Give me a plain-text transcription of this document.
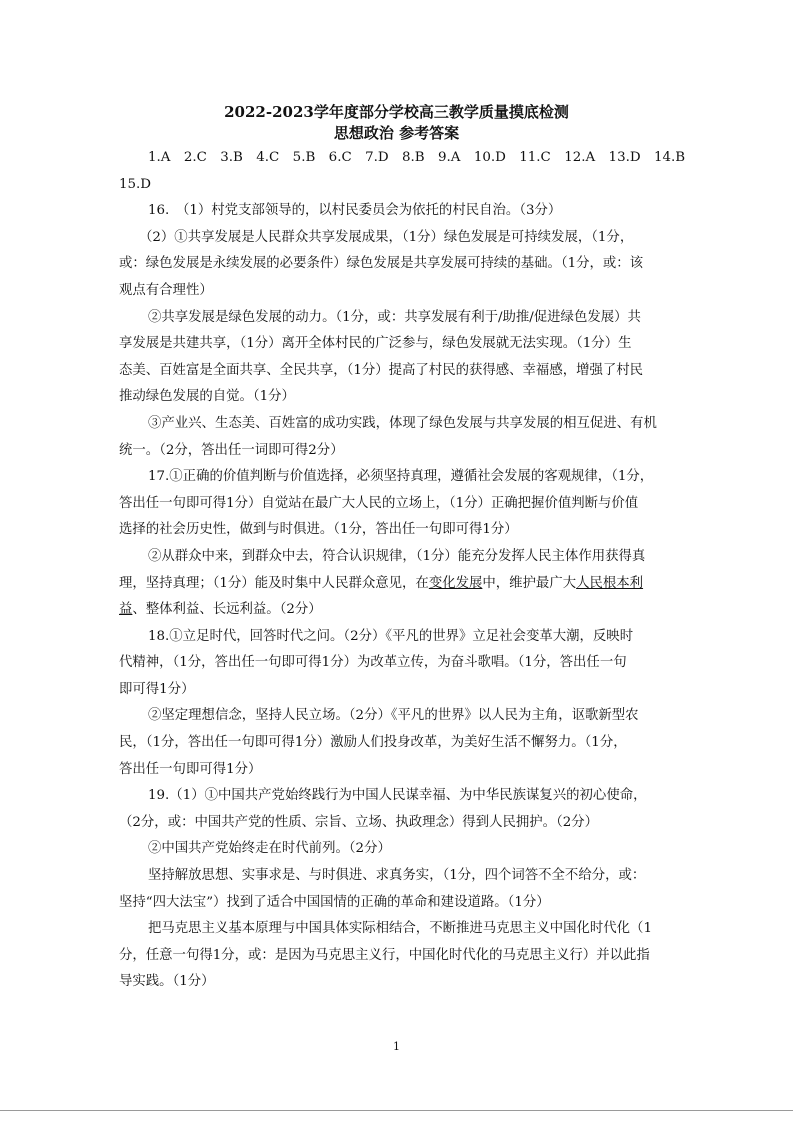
2022-2023学年度部分学校高三教学质量摸底检测
思想政治 参考答案
1.A　2.C　3.B　4.C　5.B　6.C　7.D　8.B　9.A　10.D　11.C　12.A　13.D　14.B
15.D
16.　（1）村党支部领导的，以村民委员会为依托的村民自治。（3分）
（2）①共享发展是人民群众共享发展成果，（1分）绿色发展是可持续发展，（1分，
或：绿色发展是永续发展的必要条件）绿色发展是共享发展可持续的基础。（1分，或：该
观点有合理性）
②共享发展是绿色发展的动力。（1分，或：共享发展有利于/助推/促进绿色发展）共
享发展是共建共享，（1分）离开全体村民的广泛参与，绿色发展就无法实现。（1分）生
态美、百姓富是全面共享、全民共享，（1分）提高了村民的获得感、幸福感，增强了村民
推动绿色发展的自觉。（1分）
③产业兴、生态美、百姓富的成功实践，体现了绿色发展与共享发展的相互促进、有机
统一。（2分，答出任一词即可得2分）
17.①正确的价值判断与价值选择，必须坚持真理，遵循社会发展的客观规律，（1分，
答出任一句即可得1分）自觉站在最广大人民的立场上，（1分）正确把握价值判断与价值
选择的社会历史性，做到与时俱进。（1分，答出任一句即可得1分）
②从群众中来，到群众中去，符合认识规律，（1分）能充分发挥人民主体作用获得真
理，坚持真理；（1分）能及时集中人民群众意见，在变化发展中，维护最广大人民根本利
益、整体利益、长远利益。（2分）
18.①立足时代，回答时代之问。（2分）《平凡的世界》立足社会变革大潮，反映时
代精神，（1分，答出任一句即可得1分）为改革立传，为奋斗歌唱。（1分，答出任一句
即可得1分）
②坚定理想信念，坚持人民立场。（2分）《平凡的世界》以人民为主角，讴歌新型农
民，（1分，答出任一句即可得1分）激励人们投身改革，为美好生活不懈努力。（1分，
答出任一句即可得1分）
19.（1）①中国共产党始终践行为中国人民谋幸福、为中华民族谋复兴的初心使命，
（2分，或：中国共产党的性质、宗旨、立场、执政理念）得到人民拥护。（2分）
②中国共产党始终走在时代前列。（2分）
坚持解放思想、实事求是、与时俱进、求真务实，（1分，四个词答不全不给分，或：
坚持“四大法宝”）找到了适合中国国情的正确的革命和建设道路。（1分）
把马克思主义基本原理与中国具体实际相结合，不断推进马克思主义中国化时代化（1
分，任意一句得1分，或：是因为马克思主义行，中国化时代化的马克思主义行）并以此指
导实践。（1分）
1
